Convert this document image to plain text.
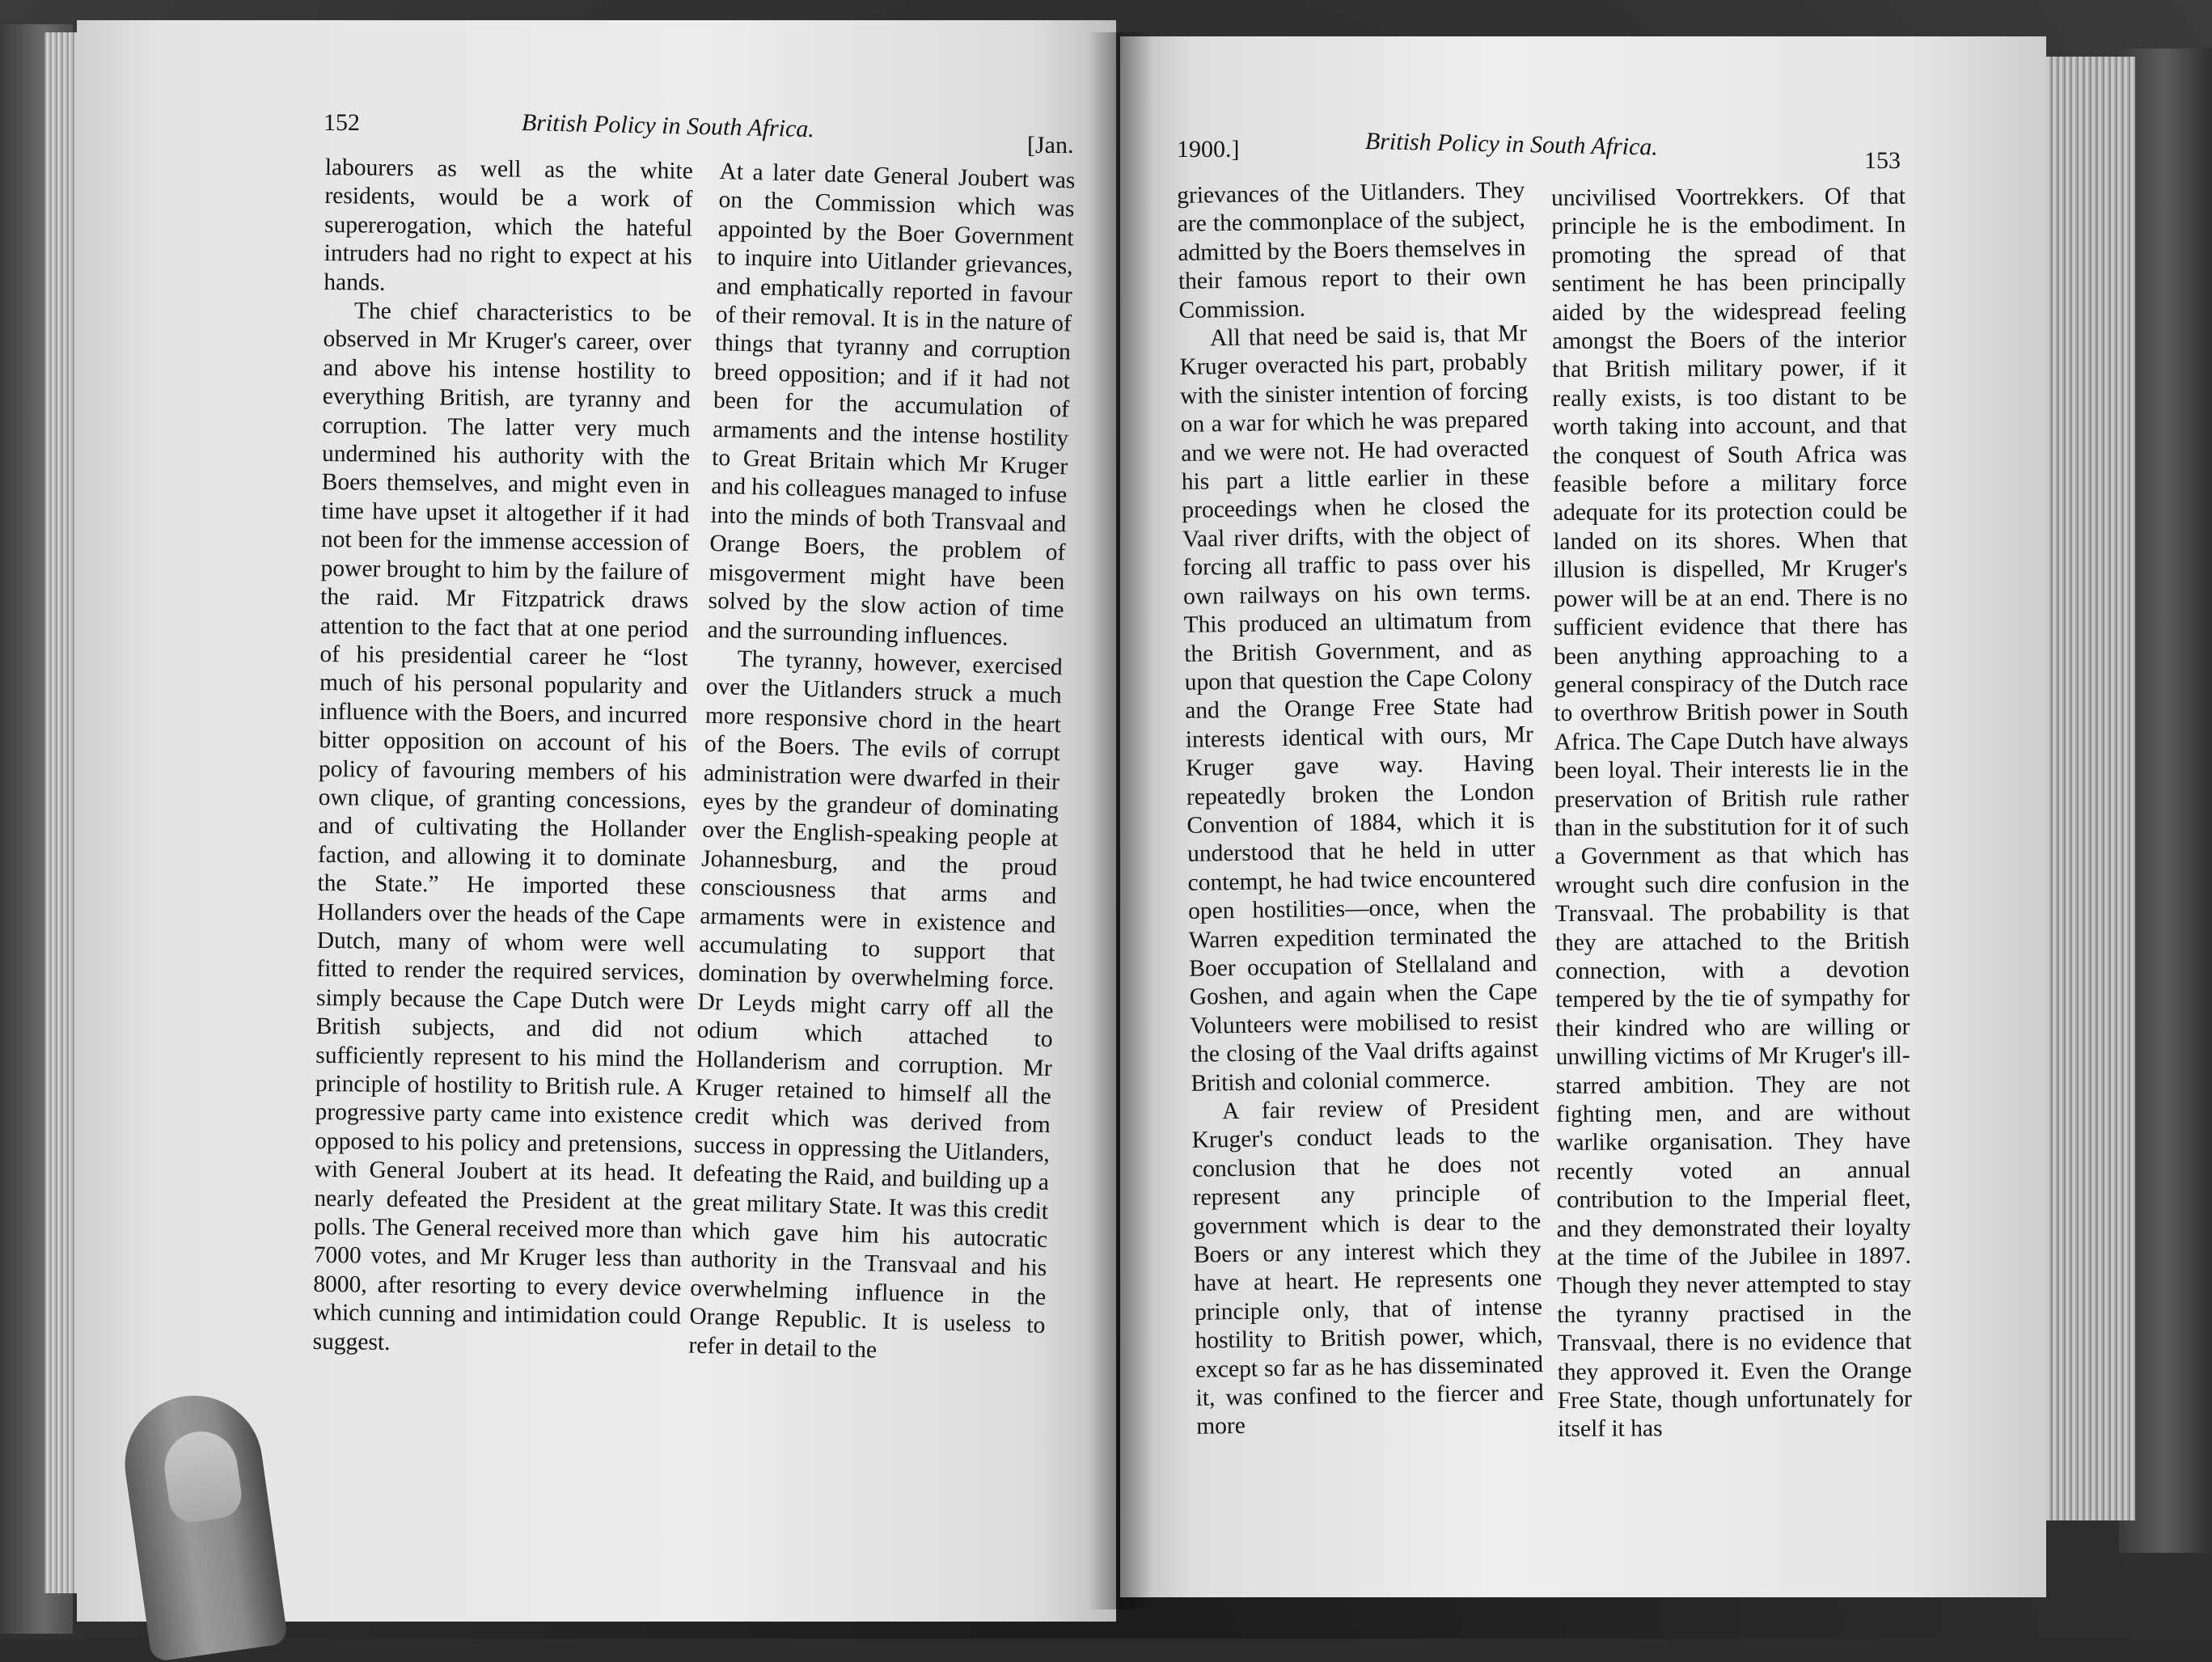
152	British Policy in South Africa.
[Jan.

labourers as well as the white residents, would be a work of supererogation, which the hateful intruders had no right to expect at his hands.

The chief characteristics to be observed in Mr Kruger's career, over and above his intense hostility to everything British, are tyranny and corruption. The latter very much undermined his authority with the Boers themselves, and might even in time have upset it altogether if it had not been for the immense accession of power brought to him by the failure of the raid. Mr Fitzpatrick draws attention to the fact that at one period of his presidential career he “lost much of his personal popularity and influence with the Boers, and incurred bitter opposition on account of his policy of favouring members of his own clique, of granting concessions, and of cultivating the Hollander faction, and allowing it to dominate the State.” He imported these Hollanders over the heads of the Cape Dutch, many of whom were well fitted to render the required services, simply because the Cape Dutch were British subjects, and did not sufficiently represent to his mind the principle of hostility to British rule. A progressive party came into existence opposed to his policy and pretensions, with General Joubert at its head. It nearly defeated the President at the polls. The General received more than 7000 votes, and Mr Kruger less than 8000, after resorting to every device which cunning and intimidation could suggest.

At a later date General Joubert was on the Commission which was appointed by the Boer Government to inquire into Uitlander grievances, and emphatically reported in favour of their removal. It is in the nature of things that tyranny and corruption breed opposition; and if it had not been for the accumulation of armaments and the intense hostility to Great Britain which Mr Kruger and his colleagues managed to infuse into the minds of both Transvaal and Orange Boers, the problem of misgoverment might have been solved by the slow action of time and the surrounding influences.

The tyranny, however, exercised over the Uitlanders struck a much more responsive chord in the heart of the Boers. The evils of corrupt administration were dwarfed in their eyes by the grandeur of dominating over the English-speaking people at Johannesburg, and the proud consciousness that arms and armaments were in existence and accumulating to support that domination by overwhelming force. Dr Leyds might carry off all the odium which attached to Hollanderism and corruption. Mr Kruger retained to himself all the credit which was derived from success in oppressing the Uitlanders, defeating the Raid, and building up a great military State. It was this credit which gave him his autocratic authority in the Transvaal and his overwhelming influence in the Orange Republic. It is useless to refer in detail to the

1900.]	British Policy in South Africa.	153

grievances of the Uitlanders. They are the commonplace of the subject, admitted by the Boers themselves in their famous report to their own Commission.

All that need be said is, that Mr Kruger overacted his part, probably with the sinister intention of forcing on a war for which he was prepared and we were not. He had overacted his part a little earlier in these proceedings when he closed the Vaal river drifts, with the object of forcing all traffic to pass over his own railways on his own terms. This produced an ultimatum from the British Government, and as upon that question the Cape Colony and the Orange Free State had interests identical with ours, Mr Kruger gave way. Having repeatedly broken the London Convention of 1884, which it is understood that he held in utter contempt, he had twice encountered open hostilities—once, when the Warren expedition terminated the Boer occupation of Stellaland and Goshen, and again when the Cape Volunteers were mobilised to resist the closing of the Vaal drifts against British and colonial commerce.

A fair review of President Kruger's conduct leads to the conclusion that he does not represent any principle of government which is dear to the Boers or any interest which they have at heart. He represents one principle only, that of intense hostility to British power, which, except so far as he has disseminated it, was confined to the fiercer and more

uncivilised Voortrekkers. Of that principle he is the embodiment. In promoting the spread of that sentiment he has been principally aided by the widespread feeling amongst the Boers of the interior that British military power, if it really exists, is too distant to be worth taking into account, and that the conquest of South Africa was feasible before a military force adequate for its protection could be landed on its shores. When that illusion is dispelled, Mr Kruger's power will be at an end. There is no sufficient evidence that there has been anything approaching to a general conspiracy of the Dutch race to overthrow British power in South Africa. The Cape Dutch have always been loyal. Their interests lie in the preservation of British rule rather than in the substitution for it of such a Government as that which has wrought such dire confusion in the Transvaal. The probability is that they are attached to the British connection, with a devotion tempered by the tie of sympathy for their kindred who are willing or unwilling victims of Mr Kruger's ill-starred ambition. They are not fighting men, and are without warlike organisation. They have recently voted an annual contribution to the Imperial fleet, and they demonstrated their loyalty at the time of the Jubilee in 1897. Though they never attempted to stay the tyranny practised in the Transvaal, there is no evidence that they approved it. Even the Orange Free State, though unfortunately for itself it has
